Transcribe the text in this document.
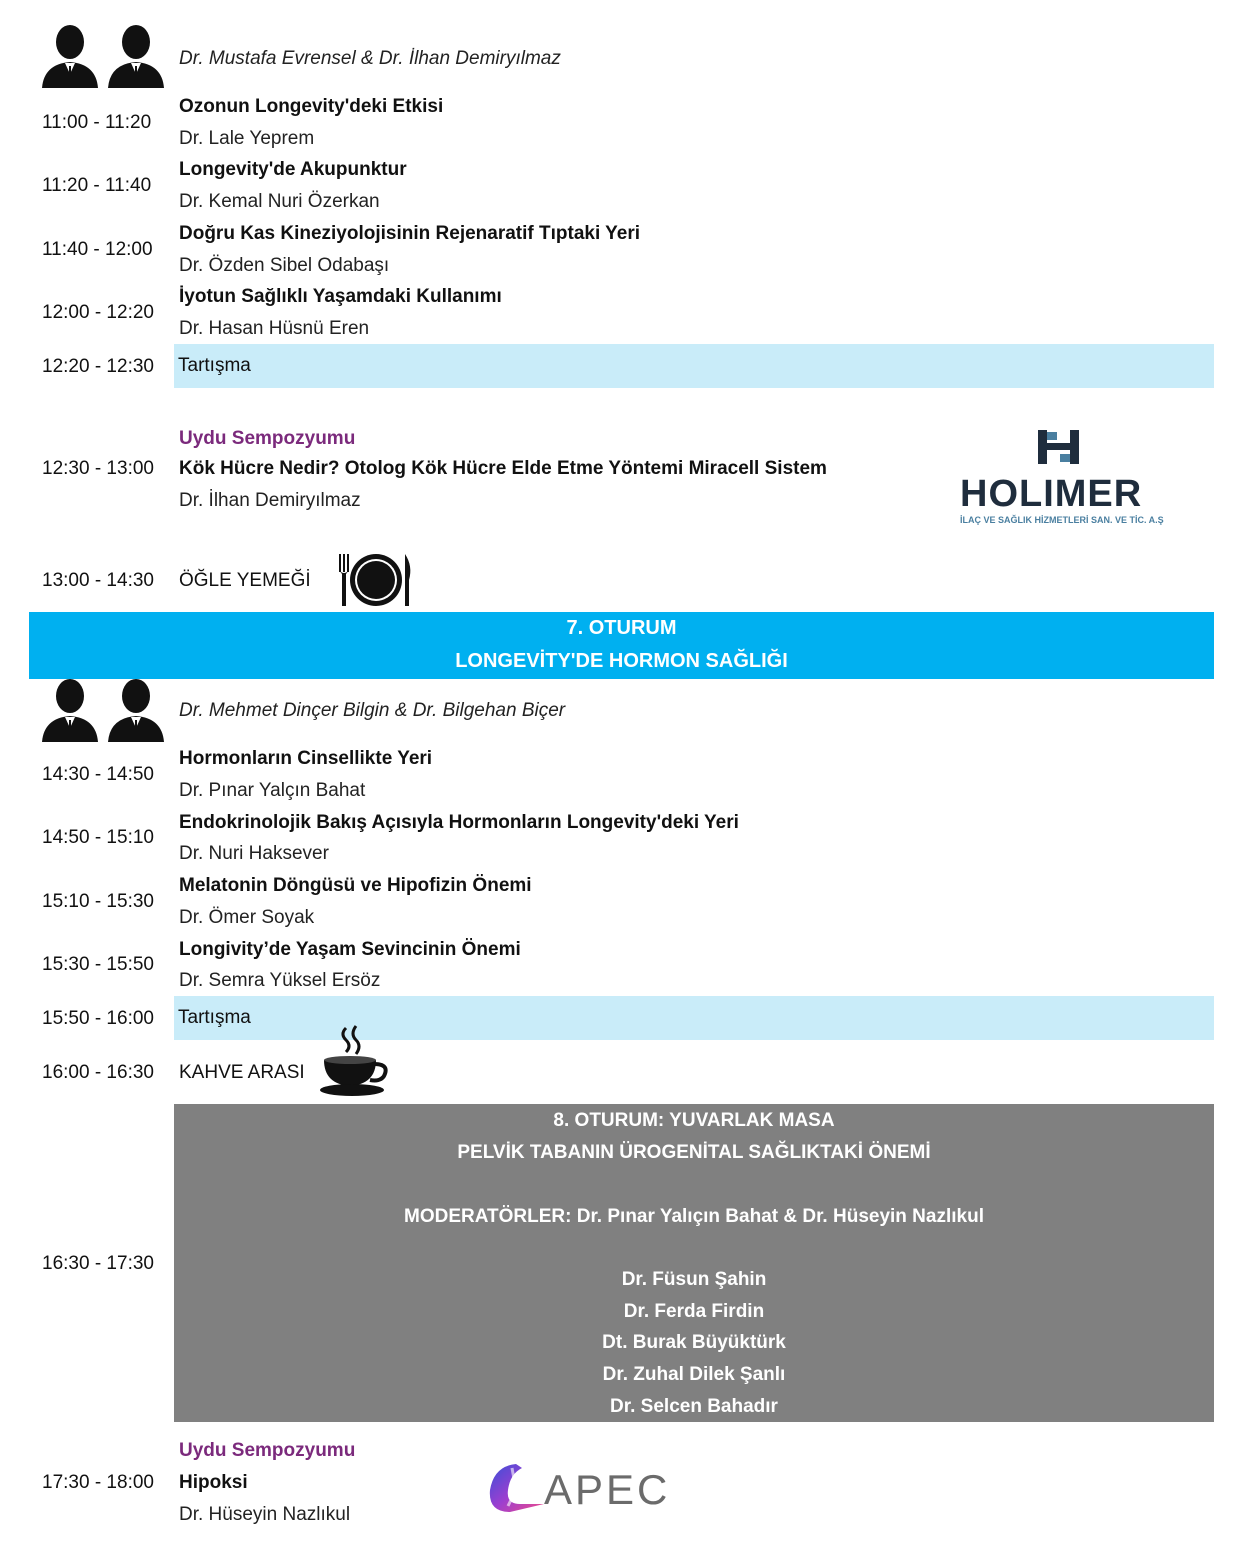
Dr. Mustafa Evrensel & Dr. İlhan Demiryılmaz
11:00 - 11:20
Ozonun Longevity'deki Etkisi
Dr. Lale Yeprem
11:20 - 11:40
Longevity'de Akupunktur
Dr. Kemal Nuri Özerkan
11:40 - 12:00
Doğru Kas Kineziyolojisinin Rejenaratif Tıptaki Yeri
Dr. Özden Sibel Odabaşı
12:00 - 12:20
İyotun Sağlıklı Yaşamdaki Kullanımı
Dr. Hasan Hüsnü Eren
12:20 - 12:30 Tartışma
Uydu Sempozyumu
12:30 - 13:00 Kök Hücre Nedir? Otolog Kök Hücre Elde Etme Yöntemi Miracell Sistem
Dr. İlhan Demiryılmaz	HOLIMER
İLAÇ VE SAĞLIK HİZMETLERİ SAN. VE TİC. A.Ş
13:00 - 14:30 ÖĞLE YEMEĞİ
7. OTURUM
LONGEVİTY'DE HORMON SAĞLIĞI
Dr. Mehmet Dinçer Bilgin & Dr. Bilgehan Biçer
14:30 - 14:50
Hormonların Cinsellikte Yeri
Dr. Pınar Yalçın Bahat
14:50 - 15:10
Endokrinolojik Bakış Açısıyla Hormonların Longevity'deki Yeri
Dr. Nuri Haksever
15:10 - 15:30
Melatonin Döngüsü ve Hipofizin Önemi
Dr. Ömer Soyak
15:30 - 15:50
Longivity’de Yaşam Sevincinin Önemi
Dr. Semra Yüksel Ersöz
15:50 - 16:00 Tartışma
16:00 - 16:30 KAHVE ARASI
16:30 - 17:30
8. OTURUM: YUVARLAK MASA
PELVİK TABANIN ÜROGENİTAL SAĞLIKTAKİ ÖNEMİ
MODERATÖRLER: Dr. Pınar Yalıçın Bahat & Dr. Hüseyin Nazlıkul
Dr. Füsun Şahin
Dr. Ferda Firdin
Dt. Burak Büyüktürk
Dr. Zuhal Dilek Şanlı
Dr. Selcen Bahadır
Uydu Sempozyumu
17:30 - 18:00 Hipoksi
Dr. Hüseyin Nazlıkul
APEC
